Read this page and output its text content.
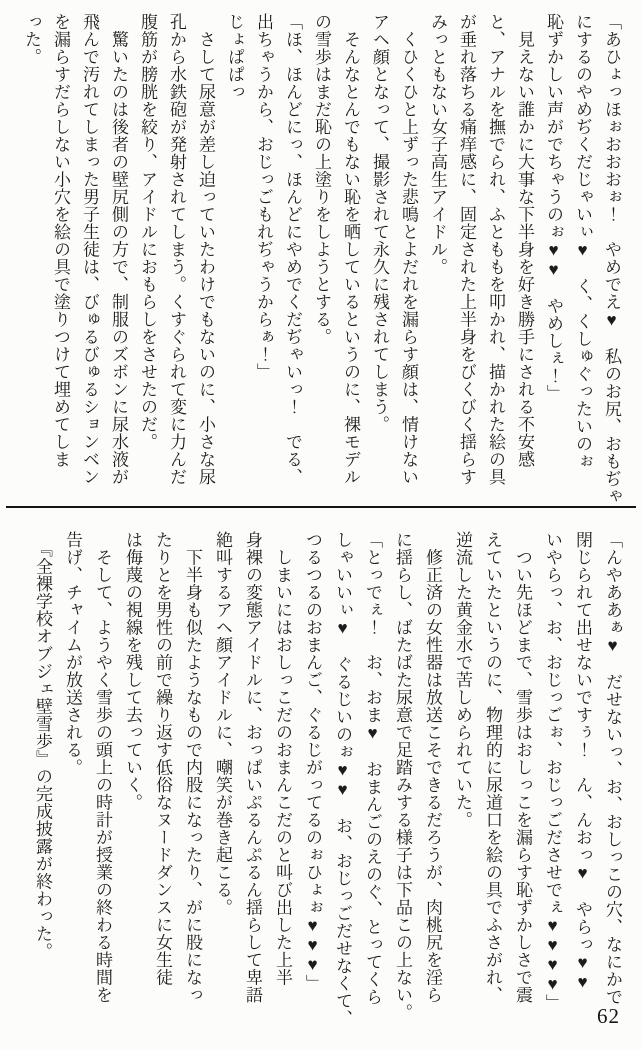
「あひょっほぉおおおぉ！　やめでえ♥　私のお尻、おもぢゃ
にするのやめぢくだじゃいぃ♥　く、くしゅぐったいのぉ
恥ずかしい声がでちゃうのぉ♥♥　やめしぇ！」
　見えない誰かに大事な下半身を好き勝手にされる不安感
と、アナルを撫でられ、ふとももを叩かれ、描かれた絵の具
が垂れ落ちる痛痒感に、固定された上半身をびくびく揺らす
みっともない女子高生アイドル。
　くひくひと上ずった悲鳴とよだれを漏らす顔は、情けない
アヘ顔となって、撮影されて永久に残されてしまう。
　そんなとんでもない恥を晒しているというのに、裸モデル
の雪歩はまだ恥の上塗りをしようとする。
「ほ、ほんどにっ、ほんどにやめでくだぢゃいっ！　でる、
出ちゃうから、おじっごもれぢゃうからぁ！」
じょぱぱっ
　さして尿意が差し迫っていたわけでもないのに、小さな尿
孔から水鉄砲が発射されてしまう。くすぐられて変に力んだ
腹筋が膀胱を絞り、アイドルにおもらしをさせたのだ。
　驚いたのは後者の壁尻側の方で、制服のズボンに尿水液が
飛んで汚れてしまった男子生徒は、びゅるびゅるションベン
を漏らすだらしない小穴を絵の具で塗りつけて埋めてしま
った。
「んやああぁ♥　だせないっ、お、おしっこの穴、なにかで
閉じられて出せないですぅ！　ん、んおっ♥　やらっ♥♥
いやらっ、お、おじっごぉ、おじっごださせでぇ♥♥♥♥」
　つい先ほどまで、雪歩はおしっこを漏らす恥ずかしさで震
えていたというのに、物理的に尿道口を絵の具でふさがれ、
逆流した黄金水で苦しめられていた。
　修正済の女性器は放送こそできるだろうが、肉桃尻を淫ら
に揺らし、ばたばた尿意で足踏みする様子は下品この上ない。
「とっでぇ！　お、おま♥　おまんごのえのぐ、とってくら
しゃいいぃ♥　ぐるじいのぉ♥♥　お、おじっごだせなくて、
つるつるのおまんご、ぐるじがってるのぉひょぉ♥♥♥」
　しまいにはおしっこだのおまんこだのと叫び出した上半
身裸の変態アイドルに、おっぱいぷるんぷるん揺らして卑語
絶叫するアヘ顔アイドルに、嘲笑が巻き起こる。
　下半身も似たようなもので内股になったり、がに股になっ
たりとを男性の前で繰り返す低俗なヌードダンスに女生徒
は侮蔑の視線を残して去っていく。
　そして、ようやく雪歩の頭上の時計が授業の終わる時間を
告げ、チャイムが放送される。
　『全裸学校オブジェ壁雪歩』の完成披露が終わった。
62
